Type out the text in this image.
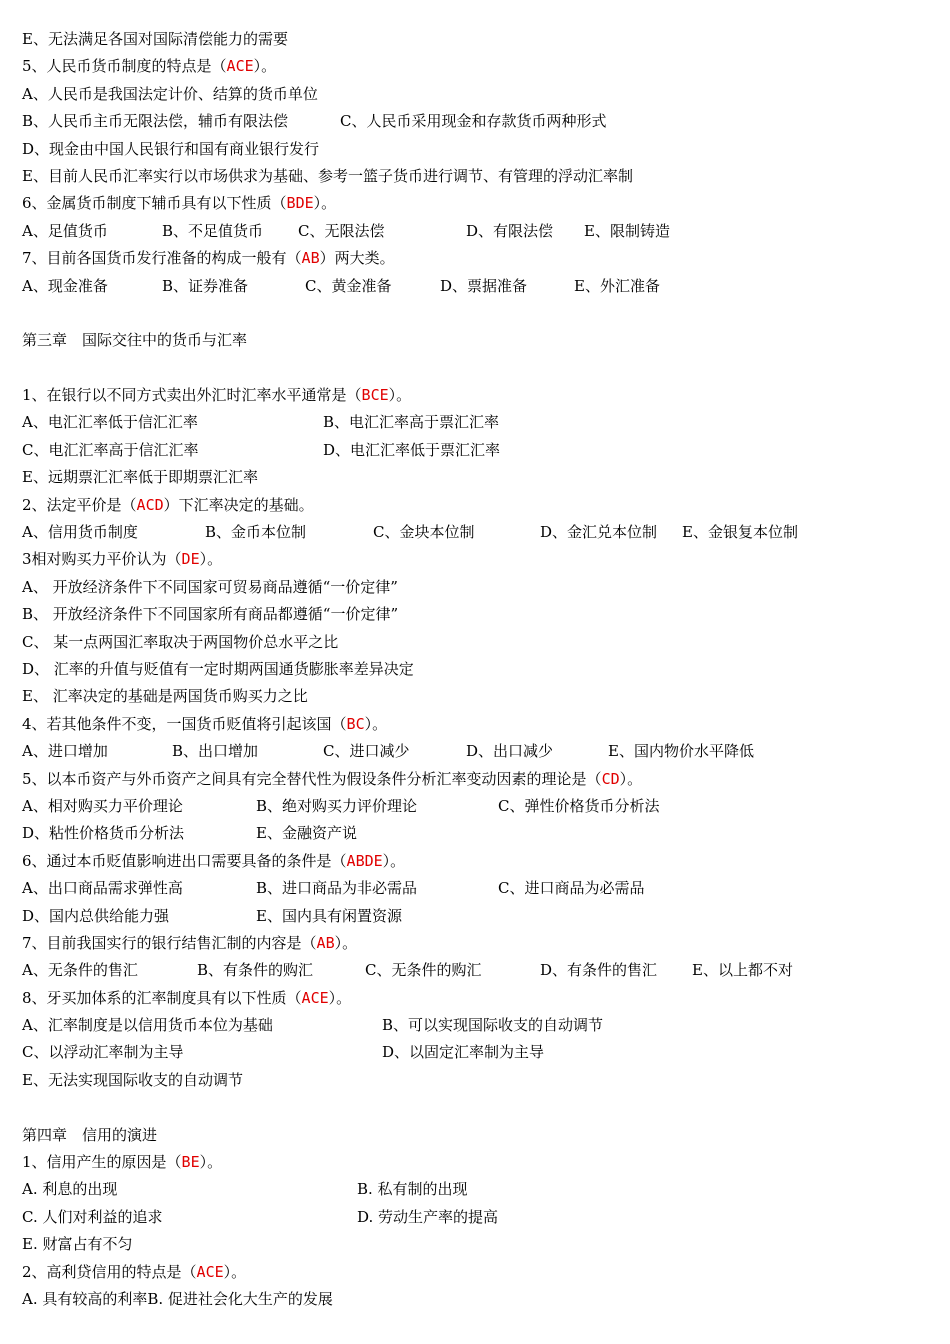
E、无法满足各国对国际清偿能力的需要
5、人民币货币制度的特点是（ACE）。
A、人民币是我国法定计价、结算的货币单位
B、人民币主币无限法偿，辅币有限法偿	C、人民币采用现金和存款货币两种形式
D、现金由中国人民银行和国有商业银行发行
E、目前人民币汇率实行以市场供求为基础、参考一篮子货币进行调节、有管理的浮动汇率制
6、金属货币制度下辅币具有以下性质（BDE）。
A、足值货币	B、不足值货币 C、无限法偿	D、有限法偿 E、限制铸造
7、目前各国货币发行准备的构成一般有（AB）两大类。
A、现金准备	B、证券准备	C、黄金准备	D、票据准备	E、外汇准备
第三章　国际交往中的货币与汇率
1、在银行以不同方式卖出外汇时汇率水平通常是（BCE）。
A、电汇汇率低于信汇汇率	B、电汇汇率高于票汇汇率
C、电汇汇率高于信汇汇率	D、电汇汇率低于票汇汇率
E、远期票汇汇率低于即期票汇汇率
2、法定平价是（ACD）下汇率决定的基础。
A、信用货币制度	B、金币本位制	C、金块本位制	D、金汇兑本位制 E、金银复本位制
3相对购买力平价认为（DE）。
A、 开放经济条件下不同国家可贸易商品遵循“一价定律”
B、 开放经济条件下不同国家所有商品都遵循“一价定律”
C、 某一点两国汇率取决于两国物价总水平之比
D、 汇率的升值与贬值有一定时期两国通货膨胀率差异决定
E、 汇率决定的基础是两国货币购买力之比
4、若其他条件不变，一国货币贬值将引起该国（BC）。
A、进口增加	B、出口增加	C、进口减少	D、出口减少	E、国内物价水平降低
5、以本币资产与外币资产之间具有完全替代性为假设条件分析汇率变动因素的理论是（CD）。
A、相对购买力平价理论	B、绝对购买力评价理论	C、弹性价格货币分析法
D、粘性价格货币分析法	E、金融资产说
6、通过本币贬值影响进出口需要具备的条件是（ABDE）。
A、出口商品需求弹性高	B、进口商品为非必需品	C、进口商品为必需品
D、国内总供给能力强	E、国内具有闲置资源
7、目前我国实行的银行结售汇制的内容是（AB）。
A、无条件的售汇	B、有条件的购汇	C、无条件的购汇	D、有条件的售汇 E、以上都不对
8、牙买加体系的汇率制度具有以下性质（ACE）。
A、汇率制度是以信用货币本位为基础	B、可以实现国际收支的自动调节
C、以浮动汇率制为主导	D、以固定汇率制为主导
E、无法实现国际收支的自动调节
第四章　信用的演进
1、信用产生的原因是（BE）。
A. 利息的出现	B. 私有制的出现
C. 人们对利益的追求	D. 劳动生产率的提高
E. 财富占有不匀
2、高利贷信用的特点是（ACE）。
A. 具有较高的利率B. 促进社会化大生产的发展
